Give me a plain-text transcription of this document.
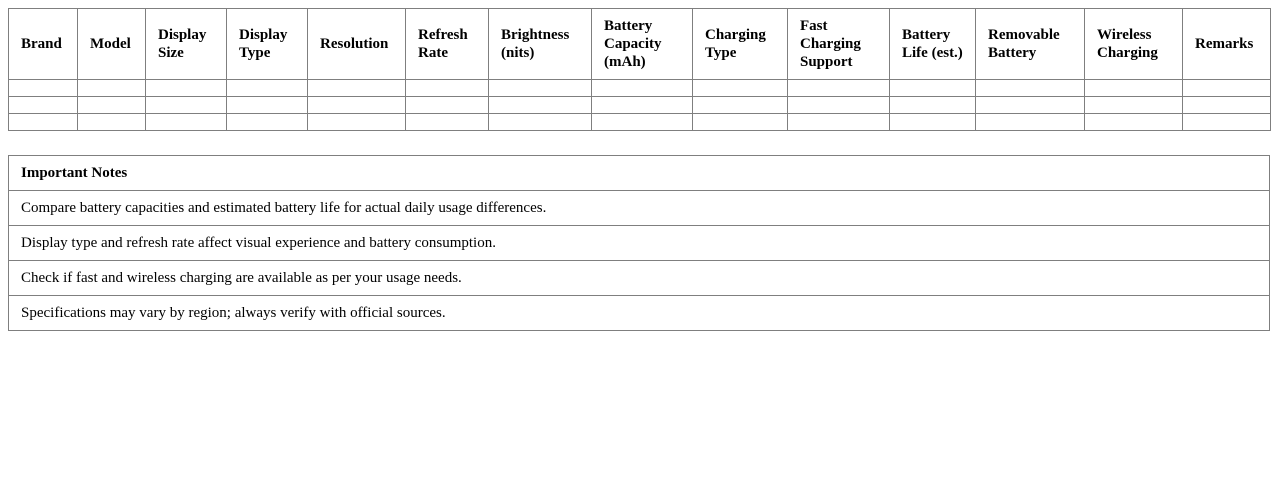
Brand	Model	Display Size	Display Type	Resolution	Refresh Rate	Brightness (nits)	Battery Capacity (mAh)	Charging Type	Fast Charging Support	Battery Life (est.)	Removable Battery	Wireless Charging	Remarks

Important Notes
Compare battery capacities and estimated battery life for actual daily usage differences.
Display type and refresh rate affect visual experience and battery consumption.
Check if fast and wireless charging are available as per your usage needs.
Specifications may vary by region; always verify with official sources.
